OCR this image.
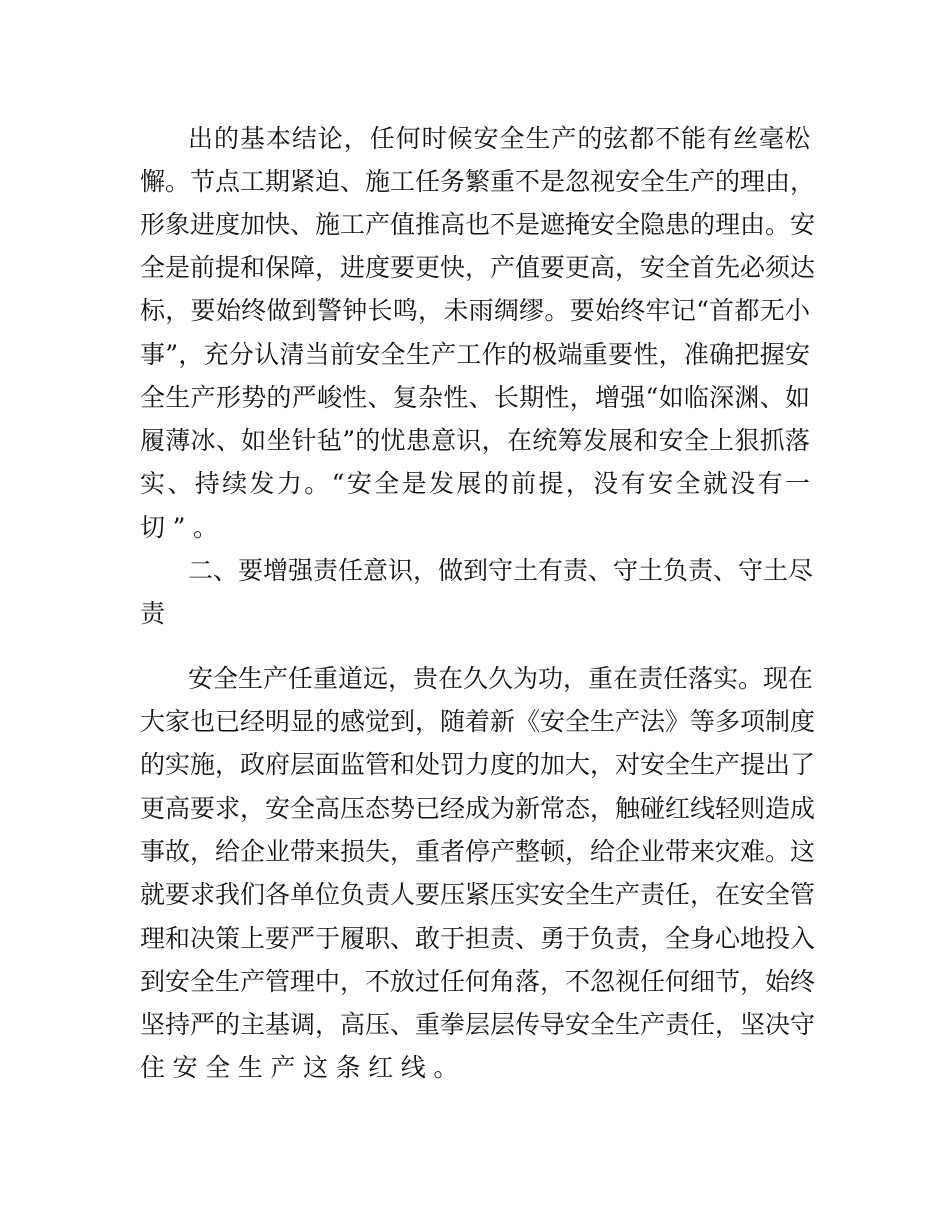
出的基本结论，任何时候安全生产的弦都不能有丝毫松
懈。节点工期紧迫、施工任务繁重不是忽视安全生产的理由，
形象进度加快、施工产值推高也不是遮掩安全隐患的理由。安
全是前提和保障，进度要更快，产值要更高，安全首先必须达
标，要始终做到警钟长鸣，未雨绸缪。要始终牢记“首都无小
事”，充分认清当前安全生产工作的极端重要性，准确把握安
全生产形势的严峻性、复杂性、长期性，增强“如临深渊、如
履薄冰、如坐针毡”的忧患意识，在统筹发展和安全上狠抓落
实、持续发力。“安全是发展的前提，没有安全就没有一
切”。
二、要增强责任意识，做到守土有责、守土负责、守土尽
责
安全生产任重道远，贵在久久为功，重在责任落实。现在
大家也已经明显的感觉到，随着新《安全生产法》等多项制度
的实施，政府层面监管和处罚力度的加大，对安全生产提出了
更高要求，安全高压态势已经成为新常态，触碰红线轻则造成
事故，给企业带来损失，重者停产整顿，给企业带来灾难。这
就要求我们各单位负责人要压紧压实安全生产责任，在安全管
理和决策上要严于履职、敢于担责、勇于负责，全身心地投入
到安全生产管理中，不放过任何角落，不忽视任何细节，始终
坚持严的主基调，高压、重拳层层传导安全生产责任，坚决守
住安全生产这条红线。
